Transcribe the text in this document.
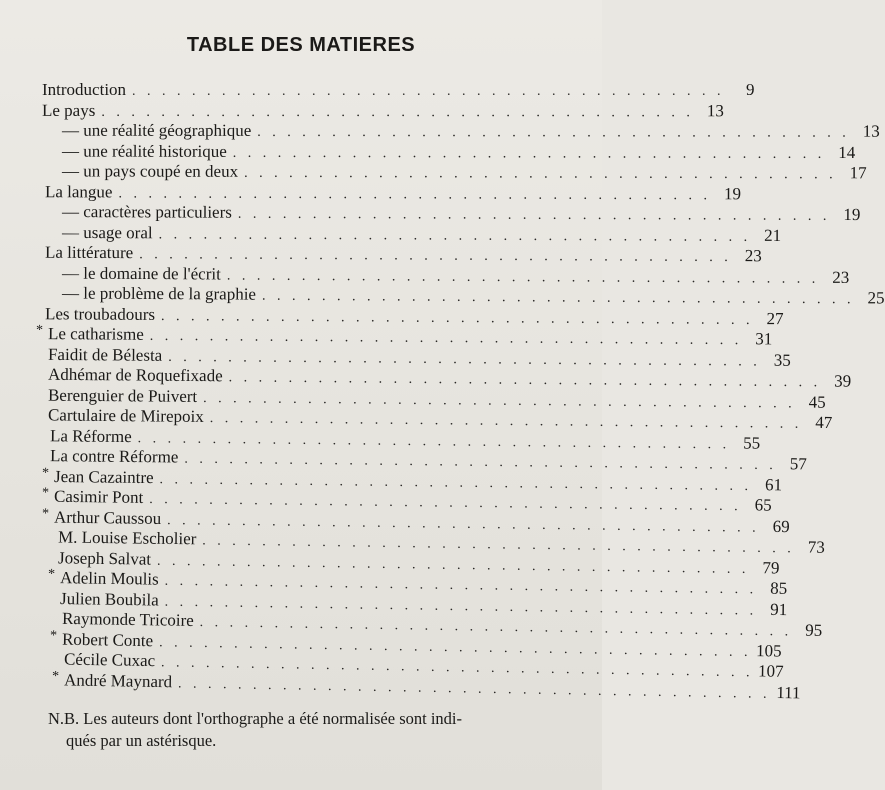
TABLE DES MATIERES
Introduction . . . . . . . . . . . . . . . . . . . . . . . . . . . . . . . . . . . . . . . .	9
Le pays . . . . . . . . . . . . . . . . . . . . . . . . . . . . . . . . . . . . . . . . 13
— une réalité géographique . . . . . . . . . . . . . . . . . . . . . . . . . . . . . . . . . . . . . . . . 13
— une réalité historique . . . . . . . . . . . . . . . . . . . . . . . . . . . . . . . . . . . . . . . . 14
— un pays coupé en deux . . . . . . . . . . . . . . . . . . . . . . . . . . . . . . . . . . . . . . . . 17
La langue . . . . . . . . . . . . . . . . . . . . . . . . . . . . . . . . . . . . . . . . 19
— caractères particuliers . . . . . . . . . . . . . . . . . . . . . . . . . . . . . . . . . . . . . . . . 19
— usage oral . . . . . . . . . . . . . . . . . . . . . . . . . . . . . . . . . . . . . . . . 21
La littérature . . . . . . . . . . . . . . . . . . . . . . . . . . . . . . . . . . . . . . . . 23
— le domaine de l'écrit . . . . . . . . . . . . . . . . . . . . . . . . . . . . . . . . . . . . . . . . 23
— le problème de la graphie . . . . . . . . . . . . . . . . . . . . . . . . . . . . . . . . . . . . . . . . 25
Les troubadours . . . . . . . . . . . . . . . . . . . . . . . . . . . . . . . . . . . . . . . . 27
* Le catharisme . . . . . . . . . . . . . . . . . . . . . . . . . . . . . . . . . . . . . . . . 31
Faidit de Bélesta . . . . . . . . . . . . . . . . . . . . . . . . . . . . . . . . . . . . . . . . 35
Adhémar de Roquefixade . . . . . . . . . . . . . . . . . . . . . . . . . . . . . . . . . . . . . . . . 39
Berenguier de Puivert . . . . . . . . . . . . . . . . . . . . . . . . . . . . . . . . . . . . . . . . 45
Cartulaire de Mirepoix . . . . . . . . . . . . . . . . . . . . . . . . . . . . . . . . . . . . . . . . 47
La Réforme . . . . . . . . . . . . . . . . . . . . . . . . . . . . . . . . . . . . . . . . 55
La contre Réforme . . . . . . . . . . . . . . . . . . . . . . . . . . . . . . . . . . . . . . . . 57
* Jean Cazaintre . . . . . . . . . . . . . . . . . . . . . . . . . . . . . . . . . . . . . . . . 61
* Casimir Pont . . . . . . . . . . . . . . . . . . . . . . . . . . . . . . . . . . . . . . . . 65
* Arthur Caussou . . . . . . . . . . . . . . . . . . . . . . . . . . . . . . . . . . . . . . . . 69
M. Louise Escholier . . . . . . . . . . . . . . . . . . . . . . . . . . . . . . . . . . . . . . . . 73
Joseph Salvat . . . . . . . . . . . . . . . . . . . . . . . . . . . . . . . . . . . . . . . . 79
* Adelin Moulis . . . . . . . . . . . . . . . . . . . . . . . . . . . . . . . . . . . . . . . . 85
Julien Boubila . . . . . . . . . . . . . . . . . . . . . . . . . . . . . . . . . . . . . . . . 91
Raymonde Tricoire . . . . . . . . . . . . . . . . . . . . . . . . . . . . . . . . . . . . . . . . 95
* Robert Conte . . . . . . . . . . . . . . . . . . . . . . . . . . . . . . . . . . . . . . . . 105
Cécile Cuxac . . . . . . . . . . . . . . . . . . . . . . . . . . . . . . . . . . . . . . . . 107
* André Maynard . . . . . . . . . . . . . . . . . . . . . . . . . . . . . . . . . . . . . . . . 111
N.B. Les auteurs dont l'orthographe a été normalisée sont indi-
qués par un astérisque.
